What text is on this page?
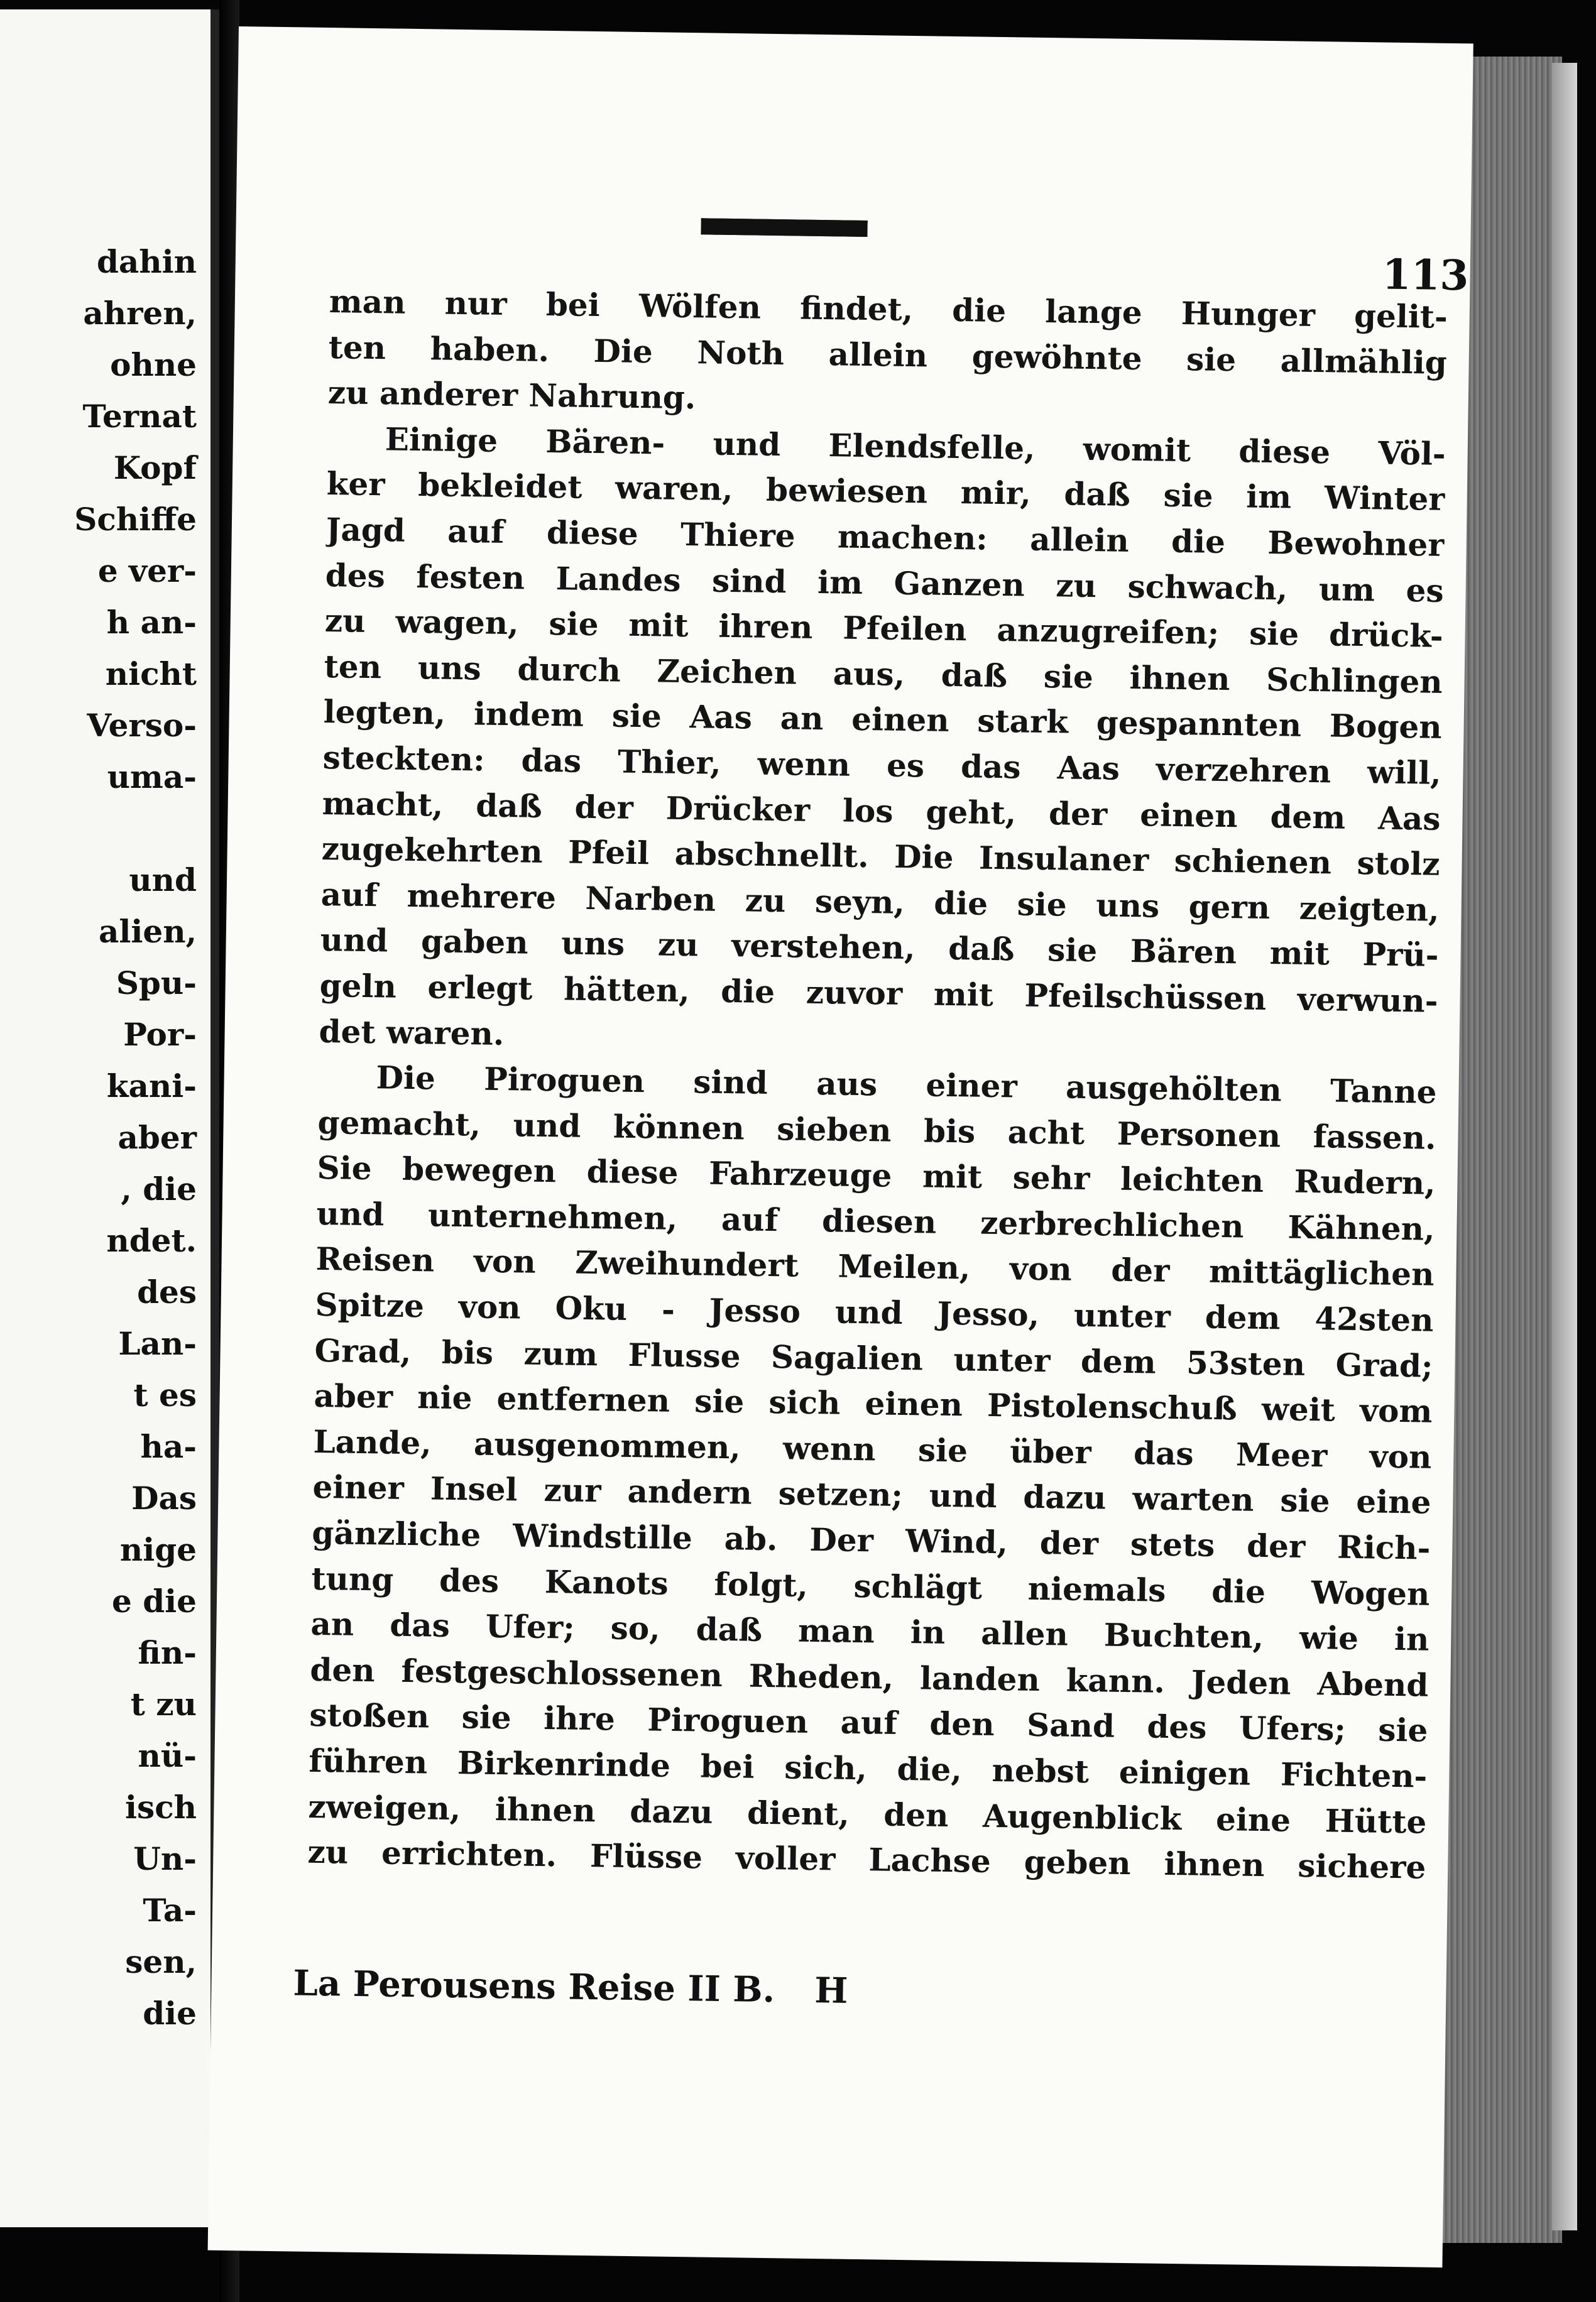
dahin
ahren,
ohne
Ternat
Kopf
Schiffe
e ver-
h an-
nicht
Verso-
uma-
und
alien,
Spu-
Por-
kani-
aber
, die
ndet.
des
Lan-
t es
ha-
Das
nige
e die
fin-
t zu
nü-
isch
Un-
Ta-
sen,
die
113
man nur bei Wölfen findet, die lange Hunger gelit-
ten haben. Die Noth allein gewöhnte sie allmählig
zu anderer Nahrung.
Einige Bären- und Elendsfelle, womit diese Völ-
ker bekleidet waren, bewiesen mir, daß sie im Winter
Jagd auf diese Thiere machen: allein die Bewohner
des festen Landes sind im Ganzen zu schwach, um es
zu wagen, sie mit ihren Pfeilen anzugreifen; sie drück-
ten uns durch Zeichen aus, daß sie ihnen Schlingen
legten, indem sie Aas an einen stark gespannten Bogen
steckten: das Thier, wenn es das Aas verzehren will,
macht, daß der Drücker los geht, der einen dem Aas
zugekehrten Pfeil abschnellt. Die Insulaner schienen stolz
auf mehrere Narben zu seyn, die sie uns gern zeigten,
und gaben uns zu verstehen, daß sie Bären mit Prü-
geln erlegt hätten, die zuvor mit Pfeilschüssen verwun-
det waren.
Die Piroguen sind aus einer ausgehölten Tanne
gemacht, und können sieben bis acht Personen fassen.
Sie bewegen diese Fahrzeuge mit sehr leichten Rudern,
und unternehmen, auf diesen zerbrechlichen Kähnen,
Reisen von Zweihundert Meilen, von der mittäglichen
Spitze von Oku - Jesso und Jesso, unter dem 42sten
Grad, bis zum Flusse Sagalien unter dem 53sten Grad;
aber nie entfernen sie sich einen Pistolenschuß weit vom
Lande, ausgenommen, wenn sie über das Meer von
einer Insel zur andern setzen; und dazu warten sie eine
gänzliche Windstille ab. Der Wind, der stets der Rich-
tung des Kanots folgt, schlägt niemals die Wogen
an das Ufer; so, daß man in allen Buchten, wie in
den festgeschlossenen Rheden, landen kann. Jeden Abend
stoßen sie ihre Piroguen auf den Sand des Ufers; sie
führen Birkenrinde bei sich, die, nebst einigen Fichten-
zweigen, ihnen dazu dient, den Augenblick eine Hütte
zu errichten. Flüsse voller Lachse geben ihnen sichere
La Perousens Reise II B. H
